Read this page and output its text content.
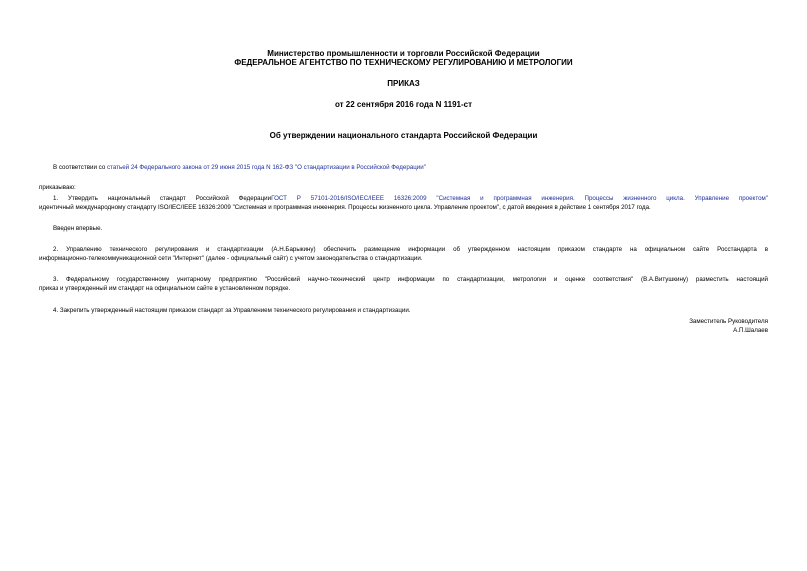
Министерство промышленности и торговли Российской Федерации
ФЕДЕРАЛЬНОЕ АГЕНТСТВО ПО ТЕХНИЧЕСКОМУ РЕГУЛИРОВАНИЮ И МЕТРОЛОГИИ
ПРИКАЗ
от 22 сентября 2016 года N 1191-ст
Об утверждении национального стандарта Российской Федерации
В соответствии со статьей 24 Федерального закона от 29 июня 2015 года N 162-ФЗ "О стандартизации в Российской Федерации"
приказываю:
1. Утвердить национальный стандарт Российской ФедерацииГОСТ Р 57101-2016/ISO/IEC/IEEE 16326:2009 "Системная и программная инженерия. Процессы жизненного цикла. Управление проектом"
идентичный международному стандарту ISO/IEC/IEEE 16326:2009 "Системная и программная инженерия. Процессы жизненного цикла. Управление проектом", с датой введения в действие 1 сентября 2017 года.
Введен впервые.
2. Управлению технического регулирования и стандартизации (А.Н.Барыкину) обеспечить размещение информации об утвержденном настоящим приказом стандарте на официальном сайте Росстандарта в
информационно-телекоммуникационной сети "Интернет" (далее - официальный сайт) с учетом законодательства о стандартизации.
3. Федеральному государственному унитарному предприятию "Российский научно-технический центр информации по стандартизации, метрологии и оценке соответствия" (В.А.Витушкину) разместить настоящий
приказ и утвержденный им стандарт на официальном сайте в установленном порядке.
4. Закрепить утвержденный настоящим приказом стандарт за Управлением технического регулирования и стандартизации.
Заместитель Руководителя
А.П.Шалаев
